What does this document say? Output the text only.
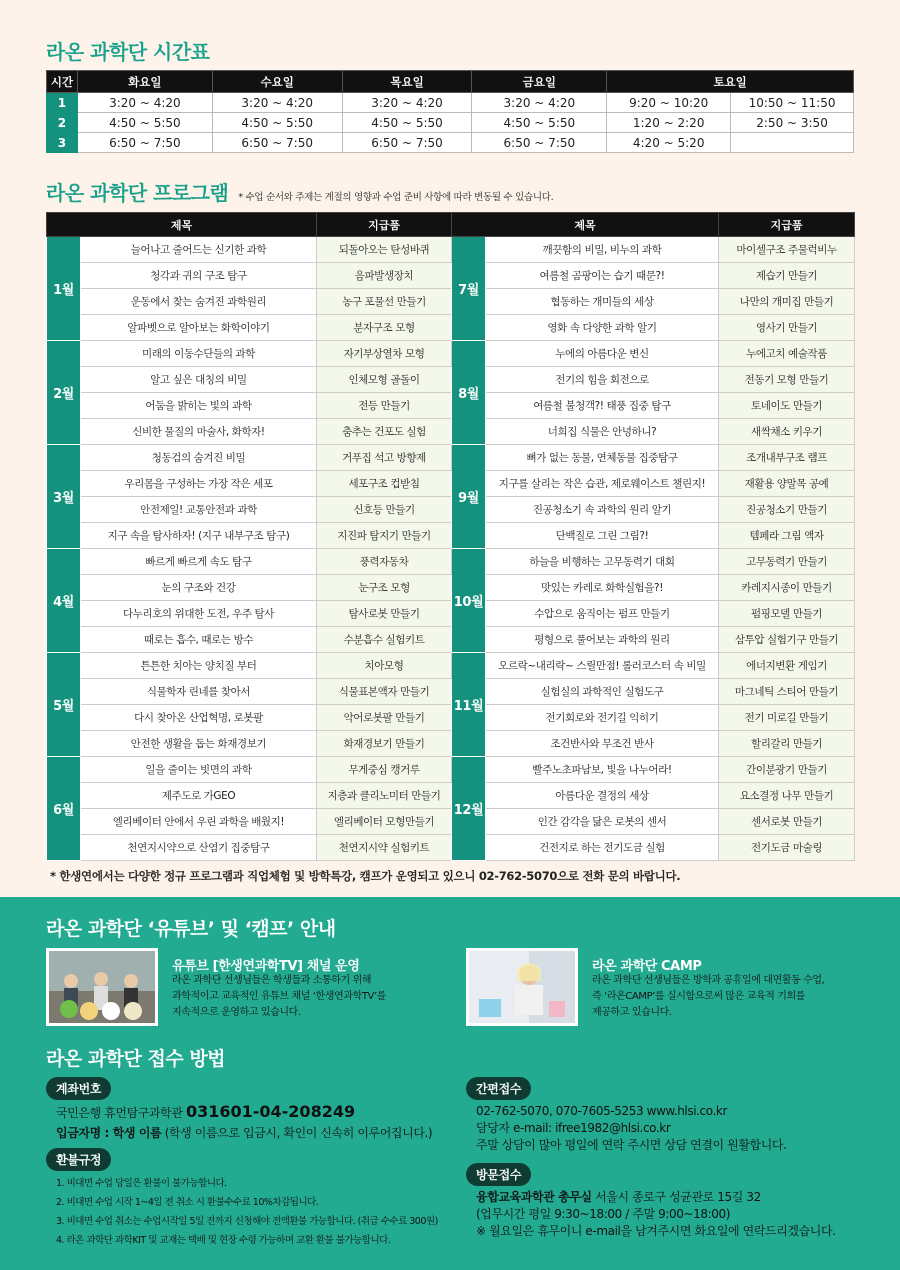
라온 과학단 시간표
시간	화요일	수요일	목요일	금요일	토요일	
1	3:20 ~ 4:20	3:20 ~ 4:20	3:20 ~ 4:20	3:20 ~ 4:20	9:20 ~ 10:20	10:50 ~ 11:50
2	4:50 ~ 5:50	4:50 ~ 5:50	4:50 ~ 5:50	4:50 ~ 5:50	1:20 ~ 2:20	2:50 ~ 3:50
3	6:50 ~ 7:50	6:50 ~ 7:50	6:50 ~ 7:50	6:50 ~ 7:50	4:20 ~ 5:20	
라온 과학단 프로그램 * 수업 순서와 주제는 계절의 영향과 수업 준비 사항에 따라 변동될 수 있습니다.
제목		지급품	제목		지급품
1월	늘어나고 줄어드는 신기한 과학	되돌아오는 탄성바퀴	7월	깨끗함의 비밀, 비누의 과학	마이셀구조 주물럭비누
	청각과 귀의 구조 탐구	음파발생장치		여름철 곰팡이는 습기 때문?!	제습기 만들기
	운동에서 찾는 숨겨진 과학원리	농구 포물선 만들기		협동하는 개미들의 세상	나만의 개미집 만들기
	알파벳으로 알아보는 화학이야기	분자구조 모형		영화 속 다양한 과학 알기	영사기 만들기
2월	미래의 이동수단들의 과학	자기부상열차 모형	8월	누에의 아름다운 변신	누에고치 예술작품
	알고 싶은 대칭의 비밀	인체모형 골돌이		전기의 힘을 회전으로	전동기 모형 만들기
	어둠을 밝히는 빛의 과학	전등 만들기		여름철 불청객?! 태풍 집중 탐구	토네이도 만들기
	신비한 물질의 마술사, 화학자!	춤추는 건포도 실험		너희집 식물은 안녕하니?	새싹채소 키우기
3월	청동검의 숨겨진 비밀	거푸집 석고 방향제	9월	뼈가 없는 동물, 연체동물 집중탐구	조개내부구조 램프
	우리몸을 구성하는 가장 작은 세포	세포구조 컵받침		지구를 살리는 작은 습관, 제로웨이스트 챌린지!	재활용 양말목 공예
	안전제일! 교통안전과 과학	신호등 만들기		진공청소기 속 과학의 원리 알기	진공청소기 만들기
	지구 속을 탐사하자! (지구 내부구조 탐구)	지진파 탐지기 만들기		단백질로 그린 그림?!	템페라 그림 액자
4월	빠르게 빠르게 속도 탐구	풍력자동차	10월	하늘을 비행하는 고무동력기 대회	고무동력기 만들기
	눈의 구조와 건강	눈구조 모형		맛있는 카레로 화학실험을?!	카레지시종이 만들기
	다누리호의 위대한 도전, 우주 탐사	탐사로봇 만들기		수압으로 움직이는 펌프 만들기	펌핑모델 만들기
	때로는 흡수, 때로는 방수	수분흡수 실험키트		평형으로 풀어보는 과학의 원리	삼투압 실험기구 만들기
5월	튼튼한 치아는 양치질 부터	치아모형	11월	오르락~내리락~ 스릴만점! 롤러코스터 속 비밀	에너지변환 게임기
	식물학자 린네를 찾아서	식물표본액자 만들기		실험실의 과학적인 실험도구	마그네틱 스티어 만들기
	다시 찾아온 산업혁명, 로봇팔	악어로봇팔 만들기		전기회로와 전기길 익히기	전기 미로길 만들기
	안전한 생활을 돕는 화재경보기	화재경보기 만들기		조건반사와 무조건 반사	할리갈리 만들기
6월	일을 줄이는 빗면의 과학	무게중심 캥거루	12월	빨주노초파남보, 빛을 나누어라!	간이분광기 만들기
	제주도로 가GEO	지층과 클리노미터 만들기		아름다운 결정의 세상	요소결정 나무 만들기
	엘리베이터 안에서 우린 과학을 배웠지!	엘리베이터 모형만들기		인간 감각을 닮은 로봇의 센서	센서로봇 만들기
	천연지시약으로 산염기 집중탐구	천연지시약 실험키트		건전지로 하는 전기도금 실험	전기도금 마술링
* 한생연에서는 다양한 정규 프로그램과 직업체험 및 방학특강, 캠프가 운영되고 있으니 02-762-5070으로 전화 문의 바랍니다.
라온 과학단 ‘유튜브’ 및 ‘캠프’ 안내
유튜브 [한생연과학TV] 채널 운영
라온 과학단 선생님들은 학생들과 소통하기 위해
과학적이고 교육적인 유튜브 채널 ‘한생연과학TV’를
지속적으로 운영하고 있습니다.
라온 과학단 CAMP
라온 과학단 선생님들은 방학과 공휴일에 대면활동 수업,
즉 ‘라온CAMP’를 실시함으로써 많은 교육적 기회를
제공하고 있습니다.
라온 과학단 접수 방법
계좌번호
국민은행 휴먼탐구과학관 031601-04-208249
입금자명 : 학생 이름 (학생 이름으로 입금시, 확인이 신속히 이루어집니다.)
환불규정
1. 비대면 수업 당일은 환불이 불가능합니다.
2. 비대면 수업 시작 1~4일 전 취소 시 환불수수료 10%차감됩니다.
3. 비대면 수업 취소는 수업시작일 5일 전까지 신청해야 전액환불 가능합니다. (취급 수수료 300원)
4. 라온 과학단 과학KIT 및 교재는 택배 및 현장 수령 가능하며 교환 환불 불가능합니다.
간편접수
02-762-5070, 070-7605-5253 www.hlsi.co.kr
담당자 e-mail: ifree1982@hlsi.co.kr
주말 상담이 많아 평일에 연락 주시면 상담 연결이 원활합니다.
방문접수
융합교육과학관 총무실 서울시 종로구 성균관로 15길 32
(업무시간 평일 9:30~18:00 / 주말 9:00~18:00)
※ 월요일은 휴무이니 e-mail을 남겨주시면 화요일에 연락드리겠습니다.
